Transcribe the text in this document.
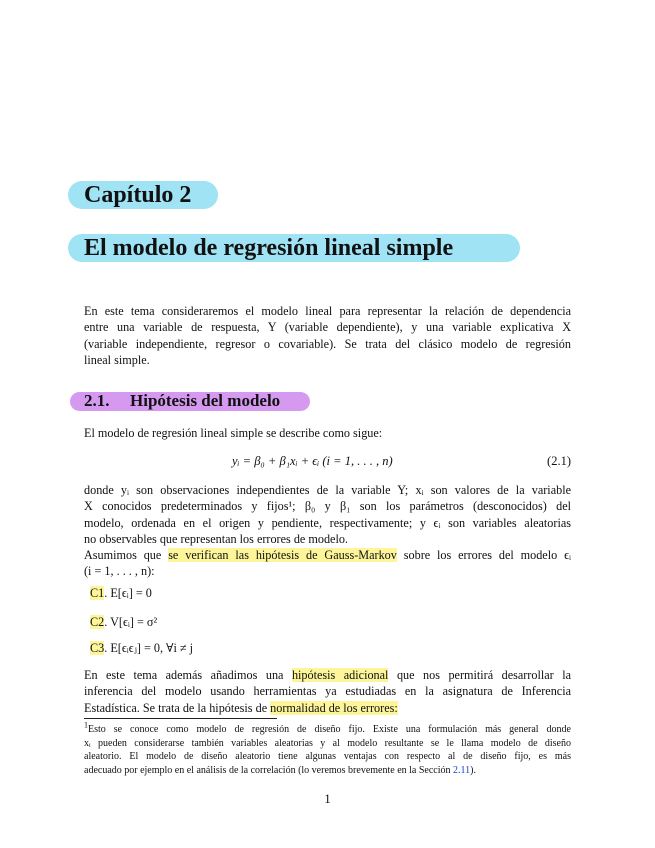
Capítulo 2
El modelo de regresión lineal simple
En este tema consideraremos el modelo lineal para representar la relación de dependencia
entre una variable de respuesta, Y (variable dependiente), y una variable explicativa X
(variable independiente, regresor o covariable). Se trata del clásico modelo de regresión
lineal simple.
2.1. Hipótesis del modelo
El modelo de regresión lineal simple se describe como sigue:
yᵢ = β₀ + β₁xᵢ + ϵᵢ (i = 1, . . . , n)	(2.1)
donde yᵢ son observaciones independientes de la variable Y; xᵢ son valores de la variable
X conocidos predeterminados y fijos¹; β₀ y β₁ son los parámetros (desconocidos) del
modelo, ordenada en el origen y pendiente, respectivamente; y ϵᵢ son variables aleatorias
no observables que representan los errores de modelo.
Asumimos que se verifican las hipótesis de Gauss-Markov sobre los errores del modelo ϵᵢ
(i = 1, . . . , n):
C1. E[ϵᵢ] = 0
C2. V[ϵᵢ] = σ²
C3. E[ϵᵢϵⱼ] = 0, ∀i ≠ j
En este tema además añadimos una hipótesis adicional que nos permitirá desarrollar la
inferencia del modelo usando herramientas ya estudiadas en la asignatura de Inferencia
Estadística. Se trata de la hipótesis de normalidad de los errores:
$^1$Esto se conoce como modelo de regresión de diseño fijo. Existe una formulación más general donde
xᵢ pueden considerarse también variables aleatorias y al modelo resultante se le llama modelo de diseño
aleatorio. El modelo de diseño aleatorio tiene algunas ventajas con respecto al de diseño fijo, es más
adecuado por ejemplo en el análisis de la correlación (lo veremos brevemente en la Sección 2.11).
1
